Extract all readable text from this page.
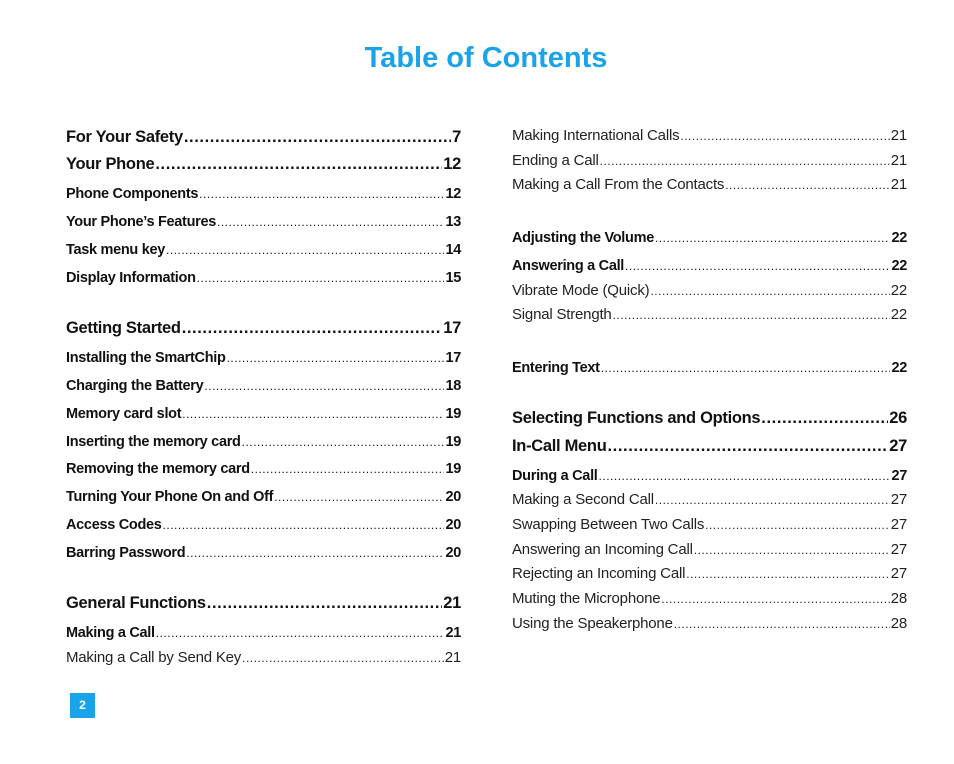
Table of Contents
For Your Safety .....	7
Your Phone .....	12
Phone Components .....	12
Your Phone’s Features .....	13
Task menu key .....	14
Display Information .....	15
Getting Started .....	17
Installing the SmartChip .....	17
Charging the Battery .....	18
Memory card slot .....	19
Inserting the memory card .....	19
Removing the memory card .....	19
Turning Your Phone On and Off .....	20
Access Codes .....	20
Barring Password .....	20
General Functions .....	21
Making a Call .....	21
Making a Call by Send Key .....	21
Making International Calls .....	21
Ending a Call .....	21
Making a Call From the Contacts .....	21
Adjusting the Volume .....	22
Answering a Call .....	22
Vibrate Mode (Quick) .....	22
Signal Strength .....	22
Entering Text .....	22
Selecting Functions and Options .....	26
In-Call Menu .....	27
During a Call .....	27
Making a Second Call .....	27
Swapping Between Two Calls .....	27
Answering an Incoming Call .....	27
Rejecting an Incoming Call .....	27
Muting the Microphone .....	28
Using the Speakerphone .....	28
2
